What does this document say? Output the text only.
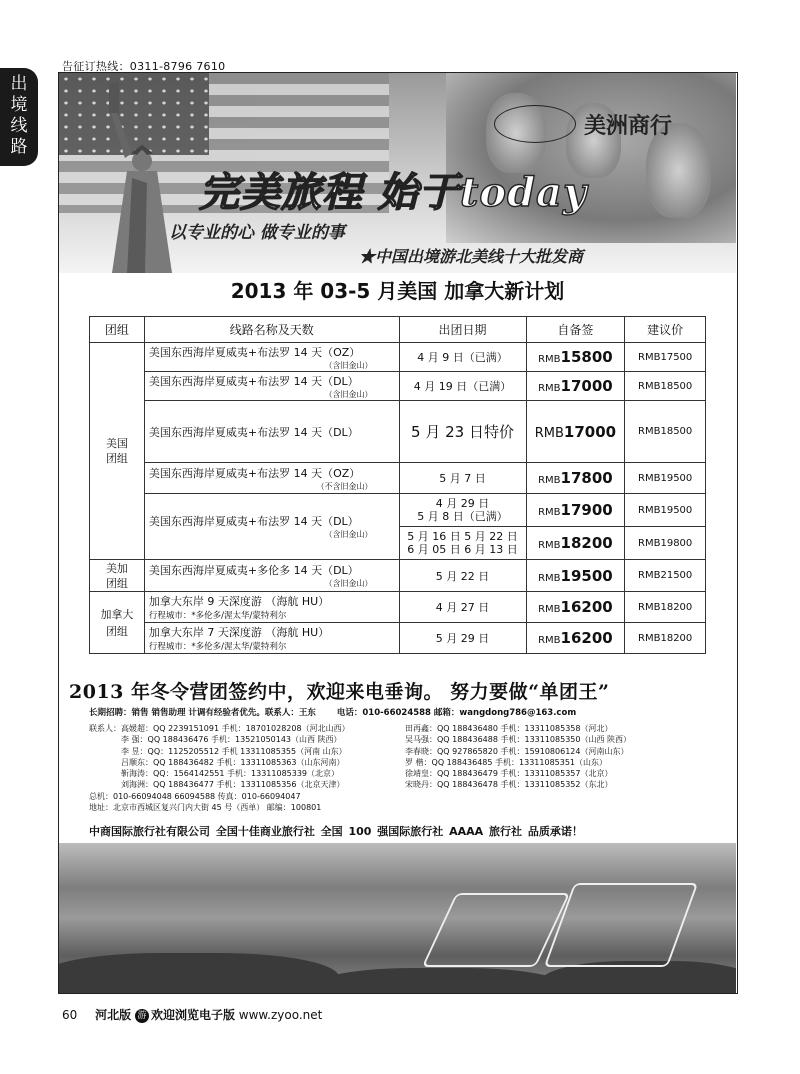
告征订热线：0311-8796 7610
出
境
线
路
美洲商行
完美旅程 始于today
以专业的心 做专业的事
★中国出境游北美线十大批发商
2013 年 03-5 月美国 加拿大新计划
团组	线路名称及天数	出团日期	自备签	建议价
美国团组	美国东西海岸夏威夷+布法罗 14 天（OZ）
（含旧金山）	4 月 9 日（已满）	RMB15800	RMB17500

	美国东西海岸夏威夷+布法罗 14 天（DL）
（含旧金山）	4 月 19 日（已满）	RMB17000	RMB18500

	美国东西海岸夏威夷+布法罗 14 天（DL）	5 月 23 日特价	RMB17000	RMB18500

	美国东西海岸夏威夷+布法罗 14 天（OZ）
（不含旧金山）	5 月 7 日	RMB17800	RMB19500

	美国东西海岸夏威夷+布法罗 14 天（DL）
（含旧金山）	4 月 29 日
5 月 8 日（已满）	RMB17900	RMB19500
		5 月 16 日 5 月 22 日
6 月 05 日 6 月 13 日	RMB18200	RMB19800
美加团组	美国东西海岸夏威夷+多伦多 14 天（DL）
（含旧金山）	5 月 22 日	RMB19500	RMB21500
加拿大团组	加拿大东岸 9 天深度游 （海航 HU）
行程城市：*多伦多/渥太华/蒙特利尔	4 月 27 日	RMB16200	RMB18200

	加拿大东岸 7 天深度游 （海航 HU）
行程城市：*多伦多/渥太华/蒙特利尔	5 月 29 日	RMB16200	RMB18200
2013 年冬令营团签约中，欢迎来电垂询。 努力要做“单团王”
长期招聘：销售 销售助理 计调有经验者优先。联系人：王东 电话：010-66024588 邮箱：wangdong786@163.com
联系人：高媛超：QQ 2239151091 手机：18701028208（河北山西）	田再鑫：QQ 188436480 手机：13311085358（河北）
李 强：QQ 188436476 手机：13521050143（山西 陕西）	吴马强：QQ 188436488 手机：13311085350（山西 陕西）
李 昱：QQ：1125205512 手机 13311085355（河南 山东）	李春晓：QQ 927865820 手机：15910806124（河南山东）
吕顺东：QQ 188436482 手机：13311085363（山东河南）	罗 楷：QQ 188436485 手机：13311085351（山东）
靳海涛：QQ：1564142551 手机：13311085339（北京）	徐靖皇：QQ 188436479 手机：13311085357（北京）
刘海洲：QQ 188436477 手机：13311085356（北京天津）	宋晓丹：QQ 188436478 手机：13311085352（东北）
总机：010-66094048 66094588 传真：010-66094047
地址：北京市西城区复兴门内大街 45 号（西单） 邮编：100801
中商国际旅行社有限公司 全国十佳商业旅行社 全国 100 强国际旅行社 AAAA 旅行社 品质承诺！
60 河北版 游 欢迎浏览电子版 www.zyoo.net
